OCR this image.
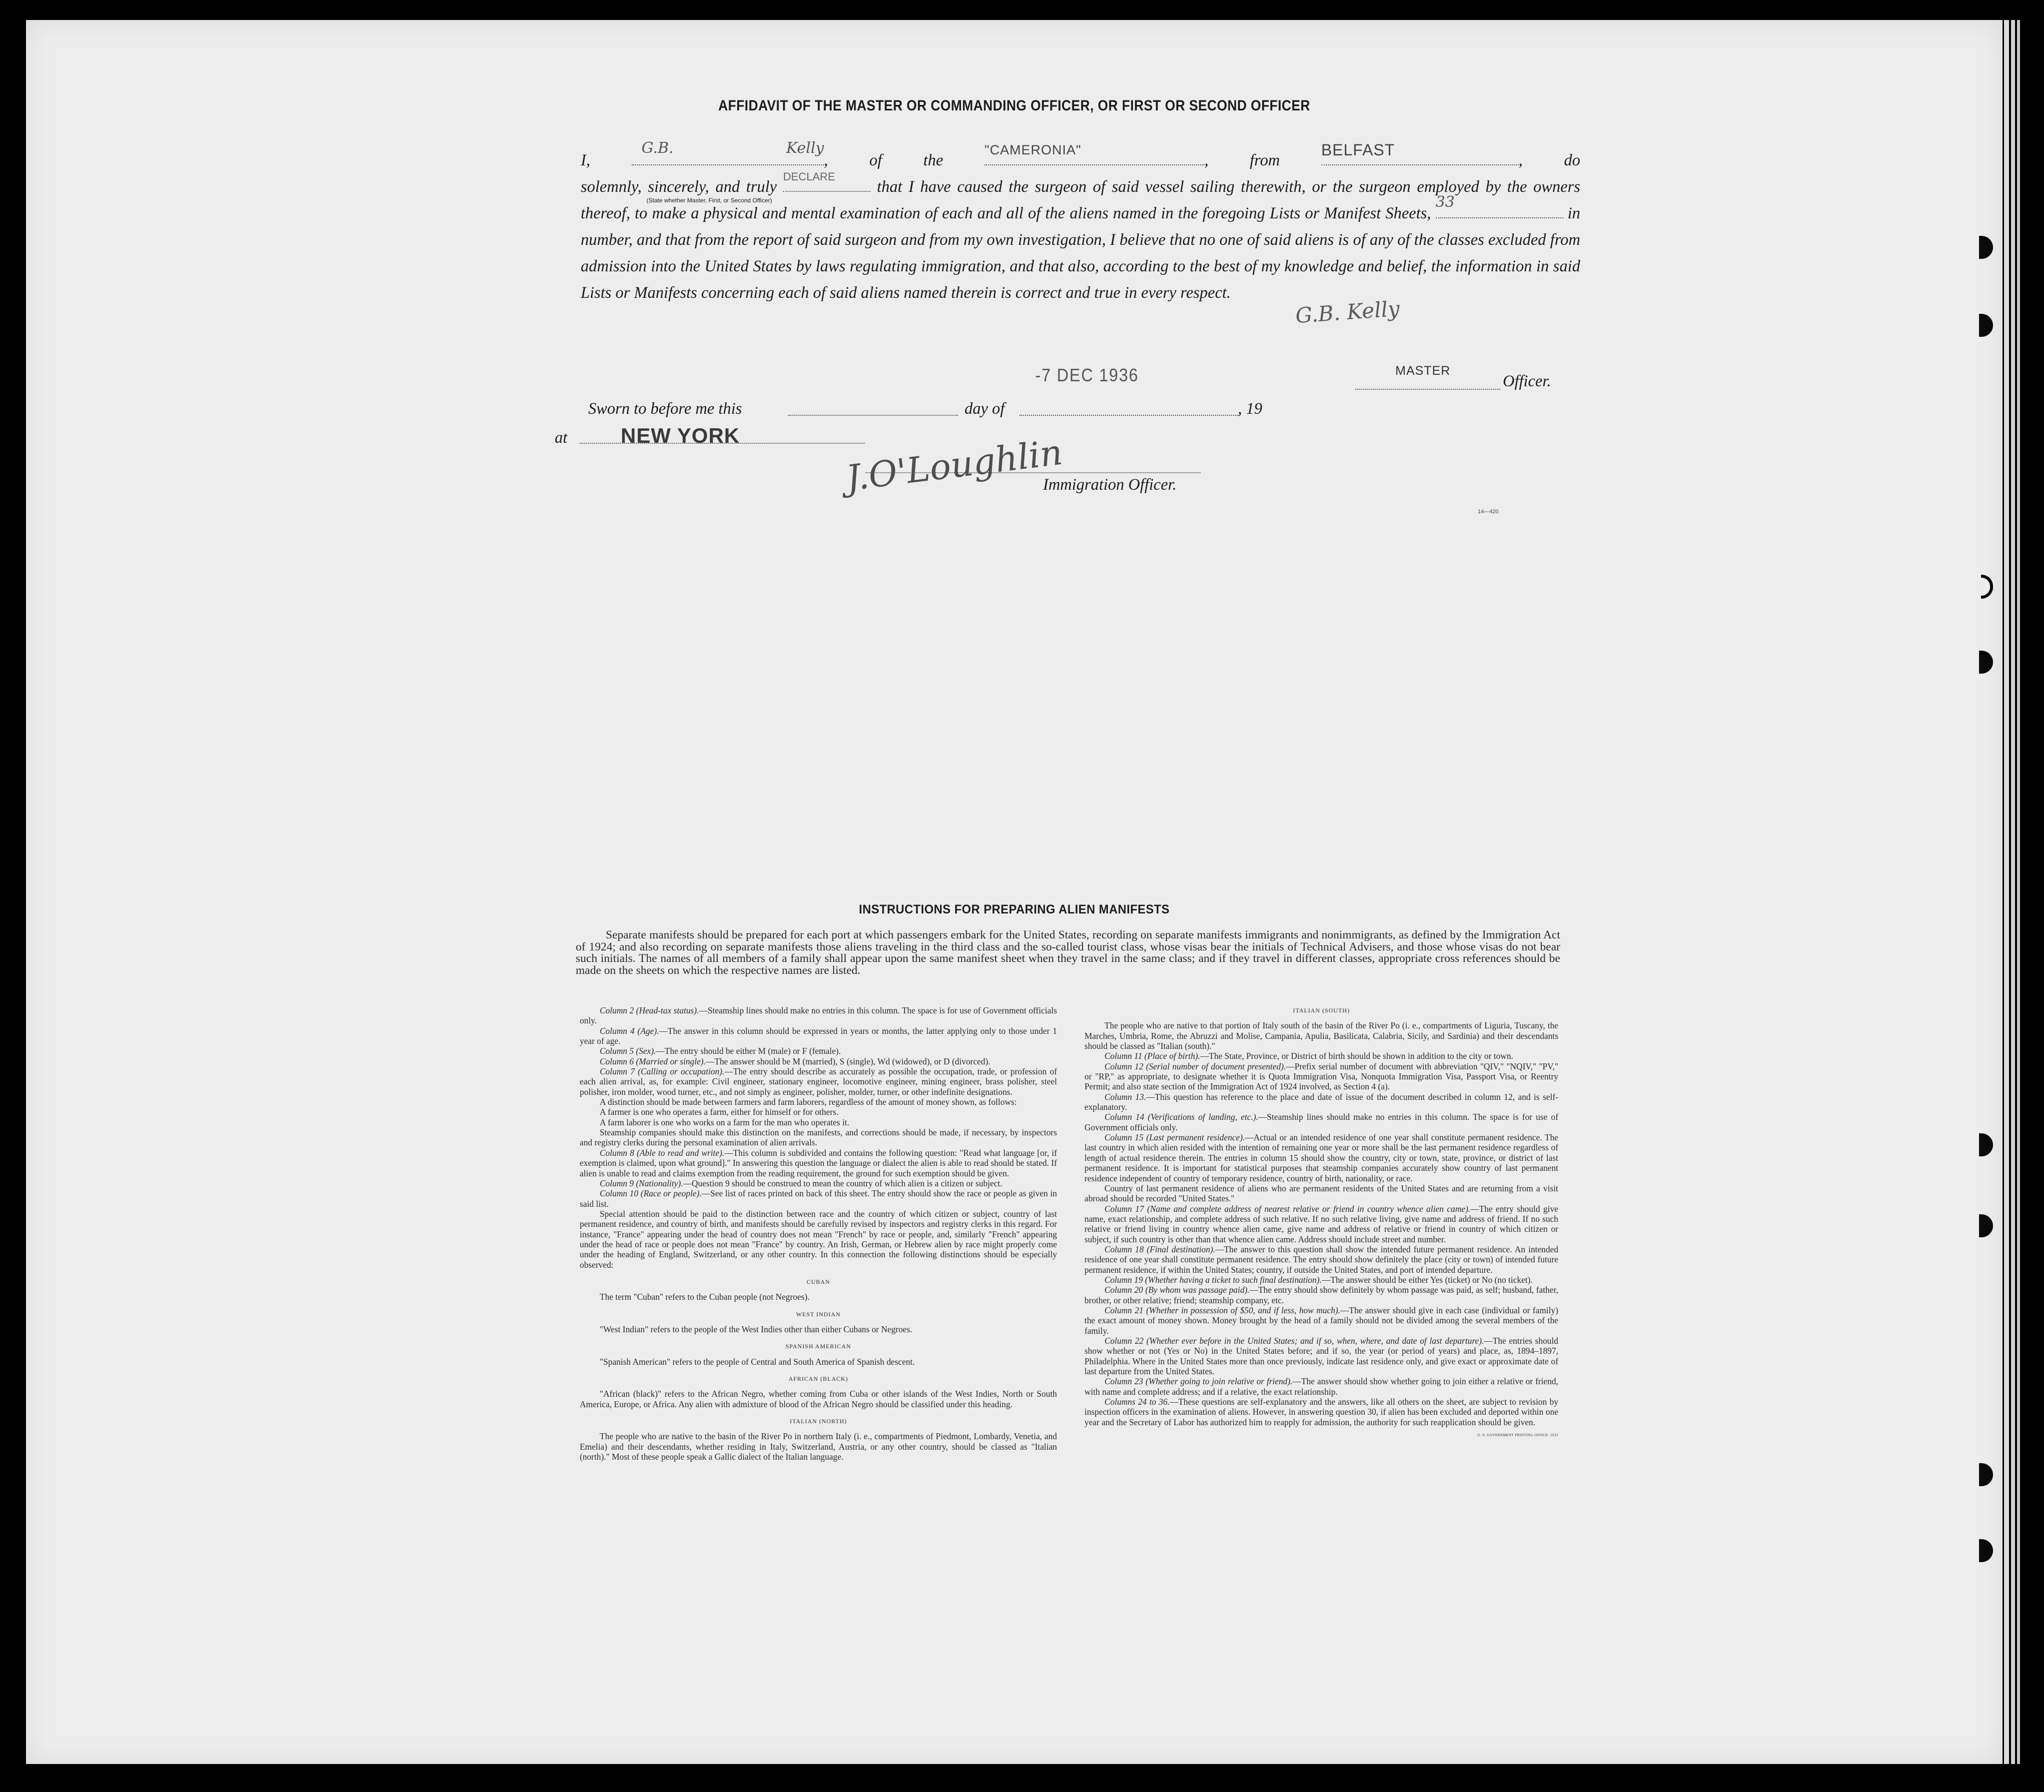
AFFIDAVIT OF THE MASTER OR COMMANDING OFFICER, OR FIRST OR SECOND OFFICER

I,
G.B. Kelly
(State whether Master, First, or Second Officer)
, of the
"CAMERONIA"
, from
BELFAST
, do

solemnly, sincerely, and truly
DECLARE
that I have caused the surgeon of said vessel sailing therewith, or the surgeon employed by the owners thereof, to make a physical and mental examination of each and all of the aliens named in the foregoing Lists or Manifest Sheets,
33
in number, and that from the report of said surgeon and from my own investigation, I believe that no one of said aliens is of any of the classes excluded from admission into the United States by laws regulating immigration, and that also, according to the best of my knowledge and belief, the information in said Lists or Manifests concerning each of said aliens named therein is correct and true in every respect.

G.B. Kelly
MASTER
Officer.
-7 DEC 1936
Sworn to before me this	day of	, 19
at	NEW YORK	J.O'Loughlin
Immigration Officer.
14—420
INSTRUCTIONS FOR PREPARING ALIEN MANIFESTS

Separate manifests should be prepared for each port at which passengers embark for the United States, recording on separate manifests immigrants and nonimmigrants, as defined by the Immigration Act of 1924; and also recording on separate manifests those aliens traveling in the third class and the so-called tourist class, whose visas bear the initials of Technical Advisers, and those whose visas do not bear such initials. The names of all members of a family shall appear upon the same manifest sheet when they travel in the same class; and if they travel in different classes, appropriate cross references should be made on the sheets on which the respective names are listed.

Column 2 (Head-tax status).—Steamship lines should make no entries in this column. The space is for use of Government officials only.

Column 4 (Age).—The answer in this column should be expressed in years or months, the latter applying only to those under 1 year of age.

Column 5 (Sex).—The entry should be either M (male) or F (female).

Column 6 (Married or single).—The answer should be M (married), S (single), Wd (widowed), or D (divorced).

Column 7 (Calling or occupation).—The entry should describe as accurately as possible the occupation, trade, or profession of each alien arrival, as, for example: Civil engineer, stationary engineer, locomotive engineer, mining engineer, brass polisher, steel polisher, iron molder, wood turner, etc., and not simply as engineer, polisher, molder, turner, or other indefinite designations.

A distinction should be made between farmers and farm laborers, regardless of the amount of money shown, as follows:

A farmer is one who operates a farm, either for himself or for others.

A farm laborer is one who works on a farm for the man who operates it.

Steamship companies should make this distinction on the manifests, and corrections should be made, if necessary, by inspectors and registry clerks during the personal examination of alien arrivals.

Column 8 (Able to read and write).—This column is subdivided and contains the following question: "Read what language [or, if exemption is claimed, upon what ground]." In answering this question the language or dialect the alien is able to read should be stated. If alien is unable to read and claims exemption from the reading requirement, the ground for such exemption should be given.

Column 9 (Nationality).—Question 9 should be construed to mean the country of which alien is a citizen or subject.

Column 10 (Race or people).—See list of races printed on back of this sheet. The entry should show the race or people as given in said list.

Special attention should be paid to the distinction between race and the country of which citizen or subject, country of last permanent residence, and country of birth, and manifests should be carefully revised by inspectors and registry clerks in this regard. For instance, "France" appearing under the head of country does not mean "French" by race or people, and, similarly "French" appearing under the head of race or people does not mean "France" by country. An Irish, German, or Hebrew alien by race might properly come under the heading of England, Switzerland, or any other country. In this connection the following distinctions should be especially observed:

CUBAN

The term "Cuban" refers to the Cuban people (not Negroes).

WEST INDIAN

"West Indian" refers to the people of the West Indies other than either Cubans or Negroes.

SPANISH AMERICAN

"Spanish American" refers to the people of Central and South America of Spanish descent.

AFRICAN (BLACK)

"African (black)" refers to the African Negro, whether coming from Cuba or other islands of the West Indies, North or South America, Europe, or Africa. Any alien with admixture of blood of the African Negro should be classified under this heading.

ITALIAN (NORTH)

The people who are native to the basin of the River Po in northern Italy (i. e., compartments of Piedmont, Lombardy, Venetia, and Emelia) and their descendants, whether residing in Italy, Switzerland, Austria, or any other country, should be classed as "Italian (north)." Most of these people speak a Gallic dialect of the Italian language.

ITALIAN (SOUTH)

The people who are native to that portion of Italy south of the basin of the River Po (i. e., compartments of Liguria, Tuscany, the Marches, Umbria, Rome, the Abruzzi and Molise, Campania, Apulia, Basilicata, Calabria, Sicily, and Sardinia) and their descendants should be classed as "Italian (south)."

Column 11 (Place of birth).—The State, Province, or District of birth should be shown in addition to the city or town.

Column 12 (Serial number of document presented).—Prefix serial number of document with abbreviation "QIV," "NQIV," "PV," or "RP," as appropriate, to designate whether it is Quota Immigration Visa, Nonquota Immigration Visa, Passport Visa, or Reentry Permit; and also state section of the Immigration Act of 1924 involved, as Section 4 (a).

Column 13.—This question has reference to the place and date of issue of the document described in column 12, and is self-explanatory.

Column 14 (Verifications of landing, etc.).—Steamship lines should make no entries in this column. The space is for use of Government officials only.

Column 15 (Last permanent residence).—Actual or an intended residence of one year shall constitute permanent residence. The last country in which alien resided with the intention of remaining one year or more shall be the last permanent residence regardless of length of actual residence therein. The entries in column 15 should show the country, city or town, state, province, or district of last permanent residence. It is important for statistical purposes that steamship companies accurately show country of last permanent residence independent of country of temporary residence, country of birth, nationality, or race.

Country of last permanent residence of aliens who are permanent residents of the United States and are returning from a visit abroad should be recorded "United States."

Column 17 (Name and complete address of nearest relative or friend in country whence alien came).—The entry should give name, exact relationship, and complete address of such relative. If no such relative living, give name and address of friend. If no such relative or friend living in country whence alien came, give name and address of relative or friend in country of which citizen or subject, if such country is other than that whence alien came. Address should include street and number.

Column 18 (Final destination).—The answer to this question shall show the intended future permanent residence. An intended residence of one year shall constitute permanent residence. The entry should show definitely the place (city or town) of intended future permanent residence, if within the United States; country, if outside the United States, and port of intended departure.

Column 19 (Whether having a ticket to such final destination).—The answer should be either Yes (ticket) or No (no ticket).

Column 20 (By whom was passage paid).—The entry should show definitely by whom passage was paid, as self; husband, father, brother, or other relative; friend; steamship company, etc.

Column 21 (Whether in possession of $50, and if less, how much).—The answer should give in each case (individual or family) the exact amount of money shown. Money brought by the head of a family should not be divided among the several members of the family.

Column 22 (Whether ever before in the United States; and if so, when, where, and date of last departure).—The entries should show whether or not (Yes or No) in the United States before; and if so, the year (or period of years) and place, as, 1894–1897, Philadelphia. Where in the United States more than once previously, indicate last residence only, and give exact or approximate date of last departure from the United States.

Column 23 (Whether going to join relative or friend).—The answer should show whether going to join either a relative or friend, with name and complete address; and if a relative, the exact relationship.

Columns 24 to 36.—These questions are self-explanatory and the answers, like all others on the sheet, are subject to revision by inspection officers in the examination of aliens. However, in answering question 30, if alien has been excluded and deported within one year and the Secretary of Labor has authorized him to reapply for admission, the authority for such reapplication should be given.
U. S. GOVERNMENT PRINTING OFFICE: 1933
